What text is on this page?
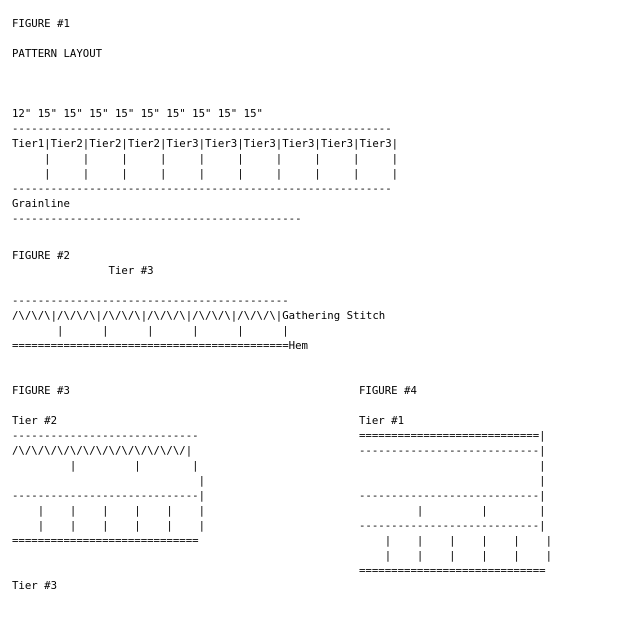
FIGURE #1

PATTERN LAYOUT

12" 15" 15" 15" 15" 15" 15" 15" 15" 15"
-----------------------------------------------------------
Tier1|Tier2|Tier2|Tier2|Tier3|Tier3|Tier3|Tier3|Tier3|Tier3|
|     |     |     |     |     |     |     |     |     |
|     |     |     |     |     |     |     |     |     |
-----------------------------------------------------------
Grainline
---------------------------------------------
FIGURE #2
Tier #3

-------------------------------------------
/\/\/\|/\/\/\|/\/\/\|/\/\/\|/\/\/\|/\/\/\|Gathering Stitch
|      |      |      |      |      |
===========================================Hem
FIGURE #3

Tier #2
-----------------------------
/\/\/\/\/\/\/\/\/\/\/\/\/\/|
|         |        |
|
-----------------------------|
|    |    |    |    |    |
|    |    |    |    |    |
=============================

Tier #3
FIGURE #4

Tier #1
============================|
----------------------------|
|
|
----------------------------|
|         |        |
----------------------------|
|    |    |    |    |    |
|    |    |    |    |    |
=============================
